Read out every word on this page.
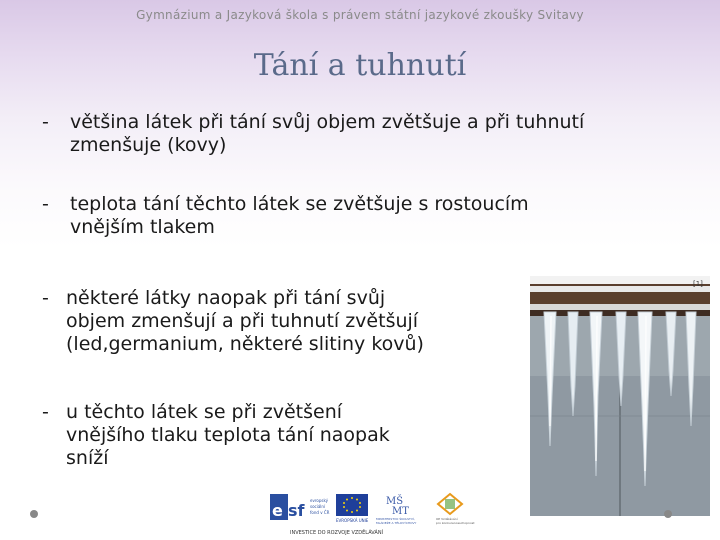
Gymnázium a Jazyková škola s právem státní jazykové zkoušky Svitavy
Tání a tuhnutí
- většina látek při tání svůj objem zvětšuje a při tuhnutí
zmenšuje (kovy)
- teplota tání těchto látek se zvětšuje s rostoucím
vnějším tlakem
- některé látky naopak při tání svůj
objem zmenšují a při tuhnutí zvětšují
(led,germanium, některé slitiny kovů)
- u těchto látek se při zvětšení
vnějšího tlaku teplota tání naopak
sníží
[1]
e sf
evropský
sociální
fond v ČR
EVROPSKÁ UNIE
MŠ
MT
MINISTERSTVO ŠKOLSTVÍ,
MLÁDEŽE A TĚLOVÝCHOVY
OP Vzdělávání
pro konkurenceschopnost
INVESTICE DO ROZVOJE VZDĚLÁVÁNÍ
